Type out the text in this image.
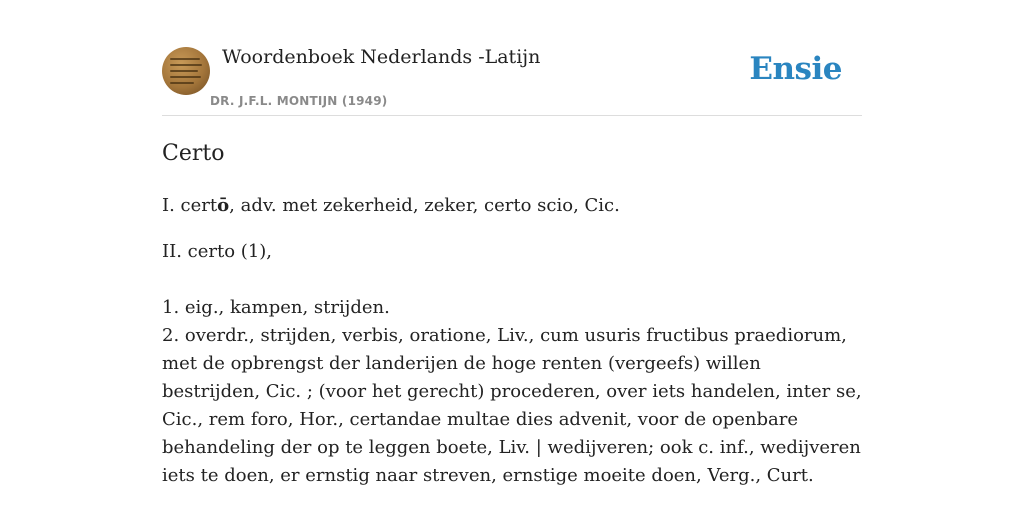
Woordenboek Nederlands -Latijn
DR. J.F.L. MONTIJN (1949)
Ensie
Certo

I. certō, adv. met zekerheid, zeker, certo scio, Cic.

II. certo (1),

1. eig., kampen, strijden.
2. overdr., strijden, verbis, oratione, Liv., cum usuris fructibus praediorum, met de opbrengst der landerijen de hoge renten (vergeefs) willen bestrijden, Cic. ; (voor het gerecht) procederen, over iets handelen, inter se, Cic., rem foro, Hor., certandae multae dies advenit, voor de openbare behandeling der op te leggen boete, Liv. | wedijveren; ook c. inf., wedijveren iets te doen, er ernstig naar streven, ernstige moeite doen, Verg., Curt.
